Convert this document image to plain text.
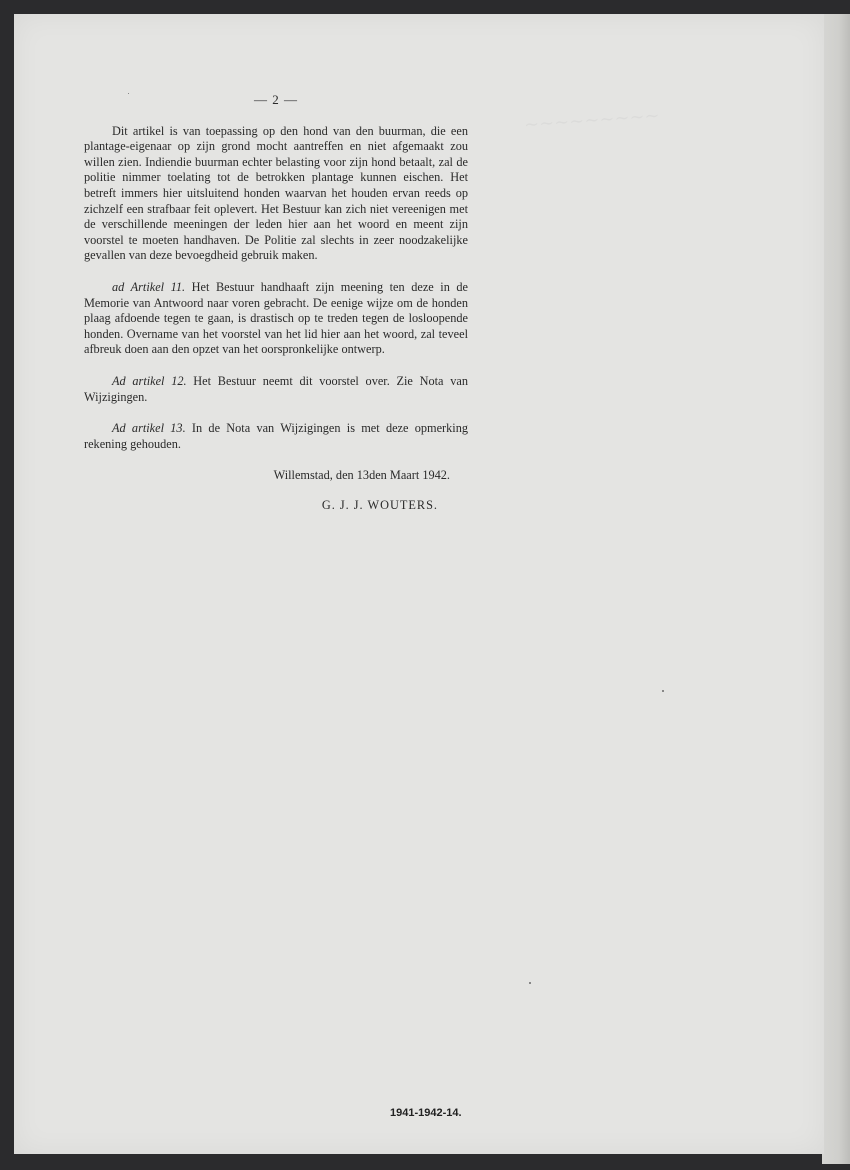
— 2 —

Dit artikel is van toepassing op den hond van den buurman, die een plantage-eigenaar op zijn grond mocht aantreffen en niet afgemaakt zou willen zien. Indiendie buurman echter belasting voor zijn hond betaalt, zal de politie nimmer toelating tot de betrokken plantage kunnen eischen. Het betreft immers hier uitsluitend honden waarvan het houden ervan reeds op zichzelf een strafbaar feit oplevert. Het Bestuur kan zich niet vereenigen met de verschillende meeningen der leden hier aan het woord en meent zijn voorstel te moeten handhaven. De Politie zal slechts in zeer noodzakelijke gevallen van deze bevoegdheid gebruik maken.

ad Artikel 11. Het Bestuur handhaaft zijn meening ten deze in de Memorie van Antwoord naar voren gebracht. De eenige wijze om de honden plaag afdoende tegen te gaan, is drastisch op te treden tegen de losloopende honden. Overname van het voorstel van het lid hier aan het woord, zal teveel afbreuk doen aan den opzet van het oorspronkelijke ontwerp.

Ad artikel 12. Het Bestuur neemt dit voorstel over. Zie Nota van Wijzigingen.

Ad artikel 13. In de Nota van Wijzigingen is met deze opmerking rekening gehouden.

Willemstad, den 13den Maart 1942.
G. J. J. WOUTERS.
1941-1942-14.
